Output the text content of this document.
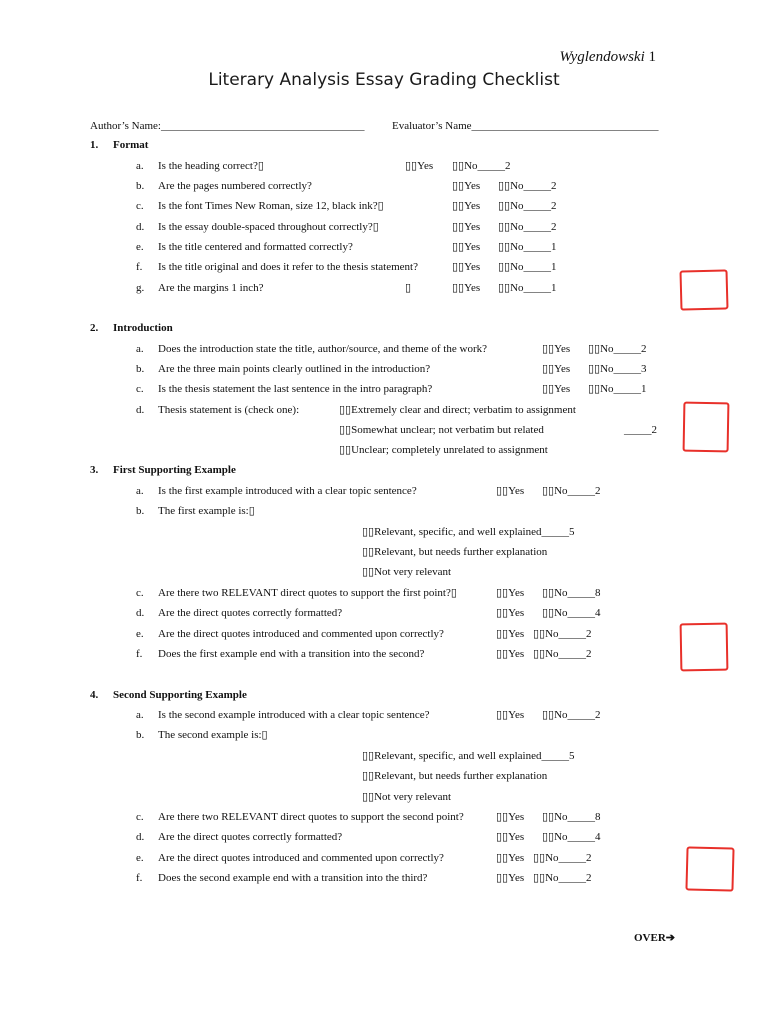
Wyglendowski 1
Literary Analysis Essay Grading Checklist
Author’s Name:_____________________________________	Evaluator’s Name__________________________________
1. Format
a. Is the heading correct?▯	▯▯Yes ▯▯No_____2
b. Are the pages numbered correctly?	▯▯Yes ▯▯No_____2
c. Is the font Times New Roman, size 12, black ink?▯	▯▯Yes ▯▯No_____2
d. Is the essay double-spaced throughout correctly?▯	▯▯Yes ▯▯No_____2
e. Is the title centered and formatted correctly?	▯▯Yes ▯▯No_____1
f. Is the title original and does it refer to the thesis statement?	▯▯Yes ▯▯No_____1
g. Are the margins 1 inch?	▯	▯▯Yes ▯▯No_____1
2. Introduction
a. Does the introduction state the title, author/source, and theme of the work?	▯▯Yes ▯▯No_____2
b. Are the three main points clearly outlined in the introduction?	▯▯Yes ▯▯No_____3
c. Is the thesis statement the last sentence in the intro paragraph?	▯▯Yes ▯▯No_____1
d. Thesis statement is (check one):	▯▯Extremely clear and direct; verbatim to assignment
▯▯Somewhat unclear; not verbatim but related	_____2
▯▯Unclear; completely unrelated to assignment
3. First Supporting Example
a. Is the first example introduced with a clear topic sentence?	▯▯Yes ▯▯No_____2
b. The first example is:▯
▯▯Relevant, specific, and well explained_____5
▯▯Relevant, but needs further explanation
▯▯Not very relevant
c. Are there two RELEVANT direct quotes to support the first point?▯	▯▯Yes ▯▯No_____8
d. Are the direct quotes correctly formatted?	▯▯Yes ▯▯No_____4
e. Are the direct quotes introduced and commented upon correctly?	▯▯Yes ▯▯No_____2
f. Does the first example end with a transition into the second?	▯▯Yes ▯▯No_____2
4. Second Supporting Example
a. Is the second example introduced with a clear topic sentence?	▯▯Yes ▯▯No_____2
b. The second example is:▯
▯▯Relevant, specific, and well explained_____5
▯▯Relevant, but needs further explanation
▯▯Not very relevant
c. Are there two RELEVANT direct quotes to support the second point?	▯▯Yes ▯▯No_____8
d. Are the direct quotes correctly formatted?	▯▯Yes ▯▯No_____4
e. Are the direct quotes introduced and commented upon correctly?	▯▯Yes ▯▯No_____2
f. Does the second example end with a transition into the third?	▯▯Yes ▯▯No_____2
OVER➔
